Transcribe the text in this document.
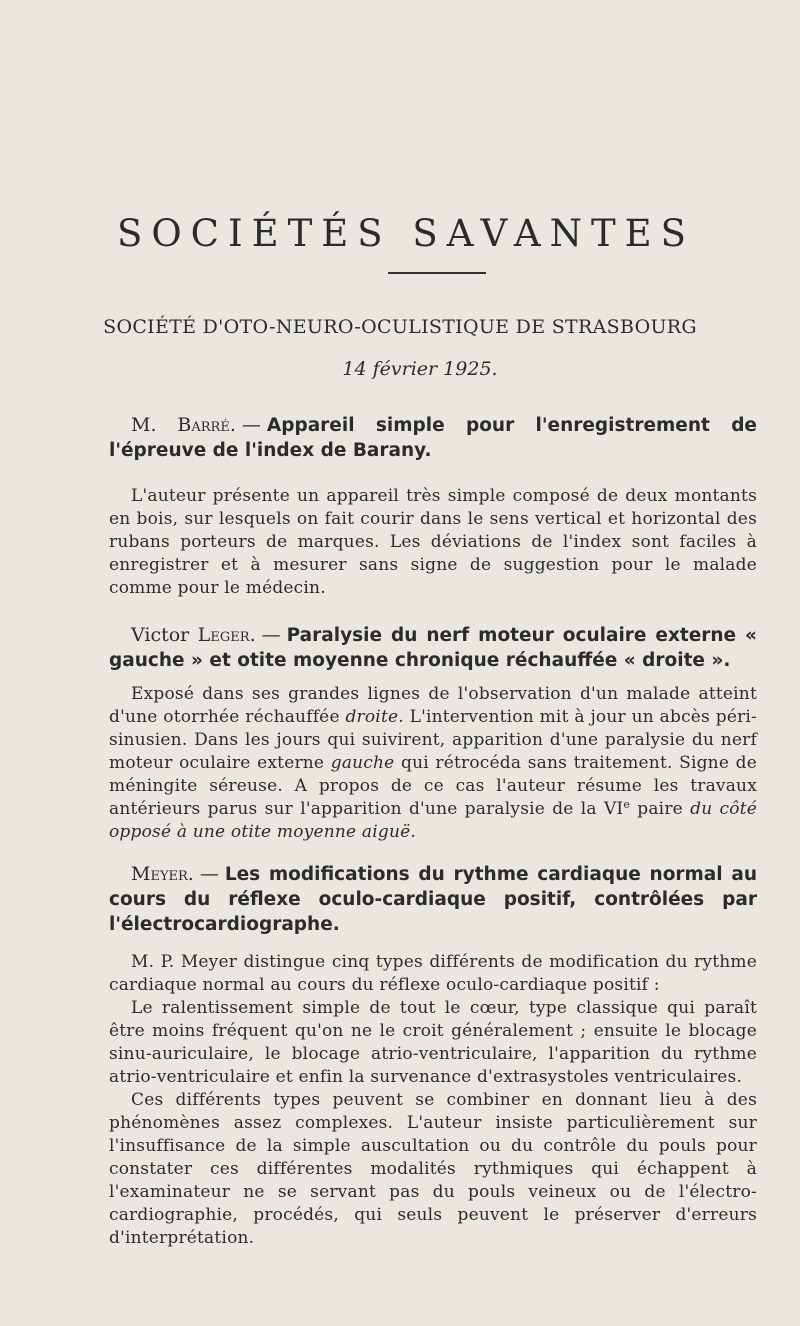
SOCIÉTÉS SAVANTES

SOCIÉTÉ D'OTO-NEURO-OCULISTIQUE DE STRASBOURG

14 février 1925.

M. Barré. — Appareil simple pour l'enregistrement de l'épreuve de l'index de Barany.

L'auteur présente un appareil très simple composé de deux montants en bois, sur lesquels on fait courir dans le sens vertical et horizontal des rubans porteurs de marques. Les déviations de l'index sont faciles à enregistrer et à mesurer sans signe de suggestion pour le malade comme pour le médecin.

Victor Leger. — Paralysie du nerf moteur oculaire externe « gauche » et otite moyenne chronique réchauffée « droite ».

Exposé dans ses grandes lignes de l'observation d'un malade atteint d'une otorrhée réchauffée droite. L'intervention mit à jour un abcès péri-sinusien. Dans les jours qui suivirent, apparition d'une paralysie du nerf moteur oculaire externe gauche qui rétrocéda sans traitement. Signe de méningite séreuse. A propos de ce cas l'auteur résume les travaux antérieurs parus sur l'apparition d'une paralysie de la VIe paire du côté opposé à une otite moyenne aiguë.

Meyer. — Les modifications du rythme cardiaque normal au cours du réflexe oculo-cardiaque positif, contrôlées par l'électrocardiographe.

M. P. Meyer distingue cinq types différents de modification du rythme cardiaque normal au cours du réflexe oculo-cardiaque positif :

Le ralentissement simple de tout le cœur, type classique qui paraît être moins fréquent qu'on ne le croit généralement ; ensuite le blocage sinu-auriculaire, le blocage atrio-ventriculaire, l'apparition du rythme atrio-ventriculaire et enfin la survenance d'extrasystoles ventriculaires.

Ces différents types peuvent se combiner en donnant lieu à des phénomènes assez complexes. L'auteur insiste particulièrement sur l'insuffisance de la simple auscultation ou du contrôle du pouls pour constater ces différentes modalités rythmiques qui échappent à l'examinateur ne se servant pas du pouls veineux ou de l'électro-cardiographie, procédés, qui seuls peuvent le préserver d'erreurs d'interprétation.
